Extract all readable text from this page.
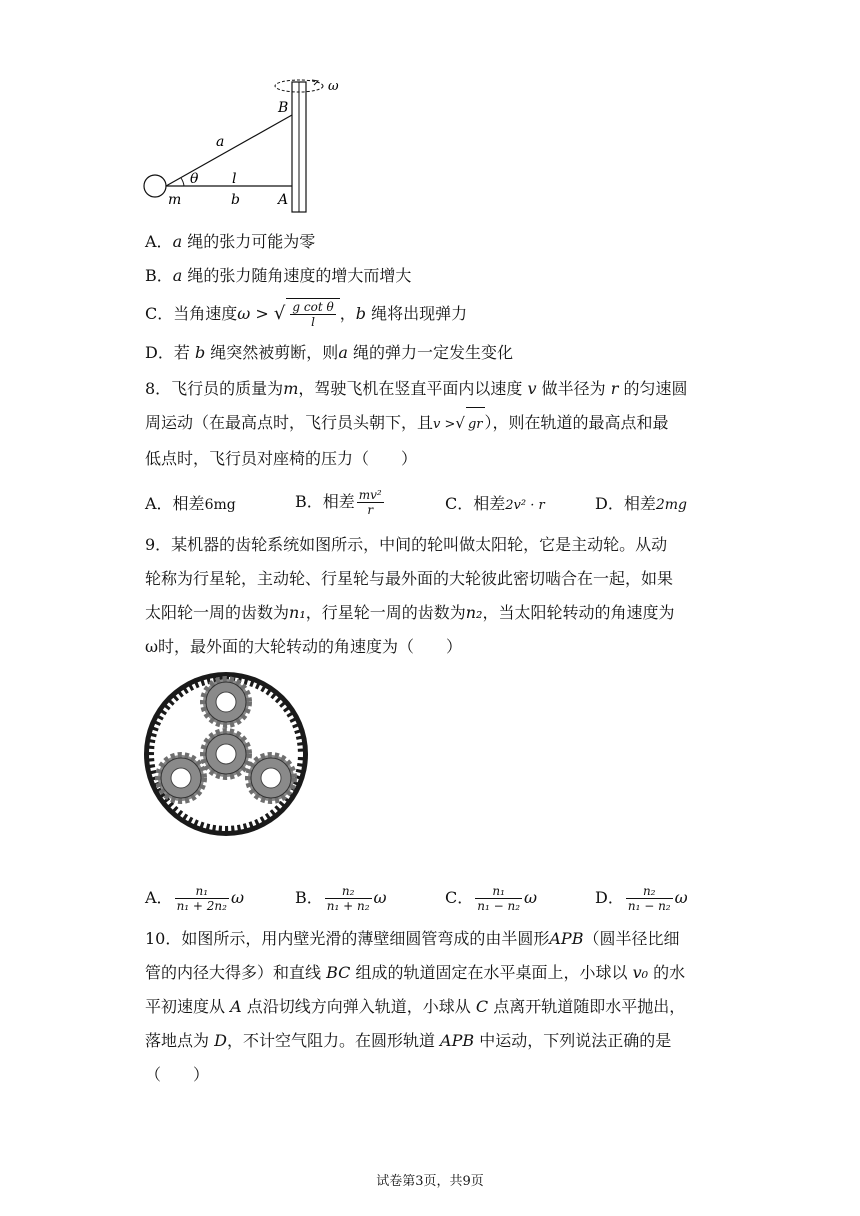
ω
B
a
θ l
m	b	A
A．a 绳的张力可能为零
B．a 绳的张力随角速度的增大而增大
C．当角速度ω > √ $\frac{\text{g cot θ}}{l}$ ，b 绳将出现弹力
D．若 b 绳突然被剪断，则a 绳的弹力一定发生变化
8．飞行员的质量为m，驾驶飞机在竖直平面内以速度 v 做半径为 r 的匀速圆
周运动（在最高点时，飞行员头朝下，且v >√ gr ），则在轨道的最高点和最
低点时，飞行员对座椅的压力（　　）
A．相差6mg	B．相差 $\frac{\text{mv²}}{r}$	C．相差2v² · r	D．相差2mg
9．某机器的齿轮系统如图所示，中间的轮叫做太阳轮，它是主动轮。从动
轮称为行星轮，主动轮、行星轮与最外面的大轮彼此密切啮合在一起，如果
太阳轮一周的齿数为n₁，行星轮一周的齿数为n₂，当太阳轮转动的角速度为
ω时，最外面的大轮转动的角速度为（　　）
A． $\frac{\text{n₁}}{\text{n₁ + 2n₂}}$ ω	B． $\frac{\text{n₂}}{\text{n₁ + n₂}}$ ω	C． $\frac{\text{n₁}}{\text{n₁ − n₂}}$ ω	D． $\frac{\text{n₂}}{\text{n₁ − n₂}}$ ω
10．如图所示，用内壁光滑的薄壁细圆管弯成的由半圆形APB（圆半径比细
管的内径大得多）和直线 BC 组成的轨道固定在水平桌面上，小球以 v₀ 的水
平初速度从 A 点沿切线方向弹入轨道，小球从 C 点离开轨道随即水平抛出，
落地点为 D，不计空气阻力。在圆形轨道 APB 中运动，下列说法正确的是
（　　）
试卷第3页，共9页
